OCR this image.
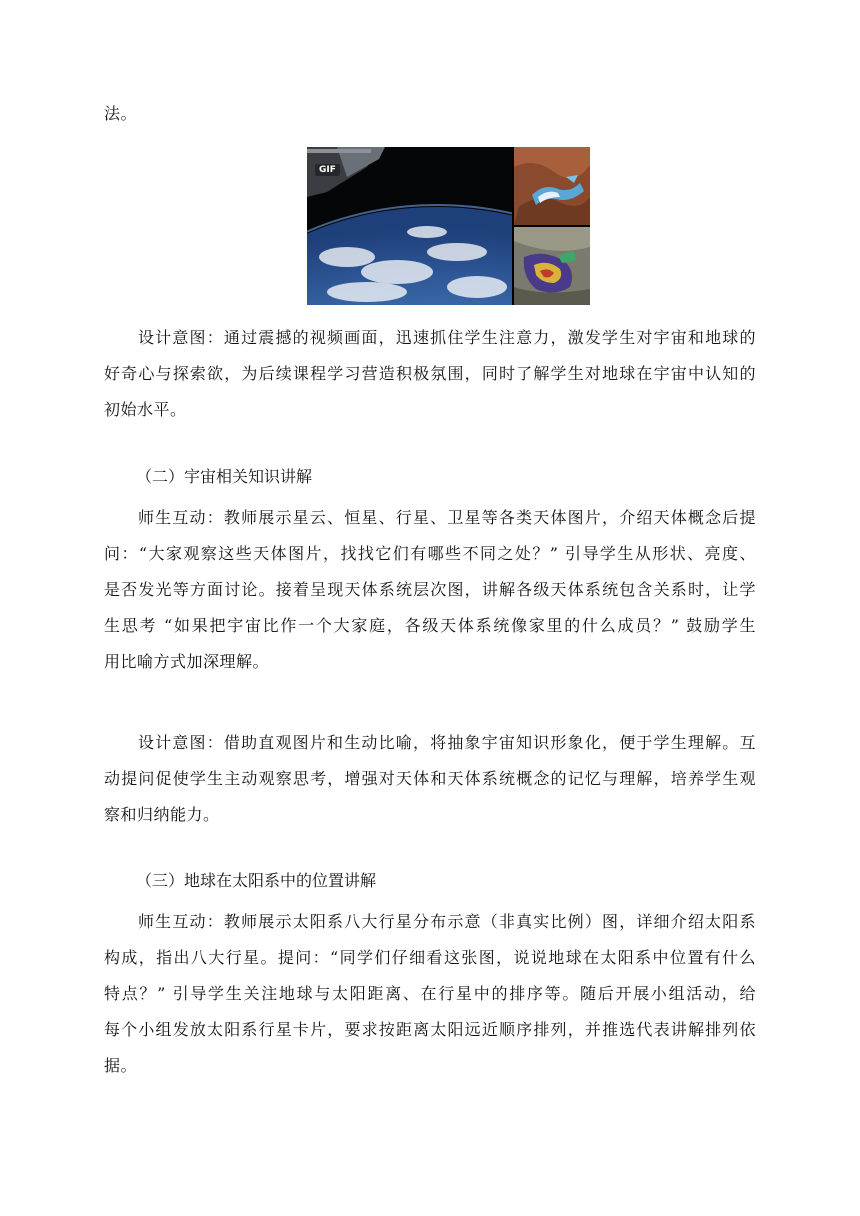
法。
GIF
设计意图：通过震撼的视频画面，迅速抓住学生注意力，激发学生对宇宙和地球的
好奇心与探索欲，为后续课程学习营造积极氛围，同时了解学生对地球在宇宙中认知的
初始水平。
（二）宇宙相关知识讲解
师生互动：教师展示星云、恒星、行星、卫星等各类天体图片，介绍天体概念后提
问：“大家观察这些天体图片，找找它们有哪些不同之处？” 引导学生从形状、亮度、
是否发光等方面讨论。接着呈现天体系统层次图，讲解各级天体系统包含关系时，让学
生思考 “如果把宇宙比作一个大家庭，各级天体系统像家里的什么成员？” 鼓励学生
用比喻方式加深理解。
设计意图：借助直观图片和生动比喻，将抽象宇宙知识形象化，便于学生理解。互
动提问促使学生主动观察思考，增强对天体和天体系统概念的记忆与理解，培养学生观
察和归纳能力。
（三）地球在太阳系中的位置讲解
师生互动：教师展示太阳系八大行星分布示意（非真实比例）图，详细介绍太阳系
构成，指出八大行星。提问：“同学们仔细看这张图，说说地球在太阳系中位置有什么
特点？” 引导学生关注地球与太阳距离、在行星中的排序等。随后开展小组活动，给
每个小组发放太阳系行星卡片，要求按距离太阳远近顺序排列，并推选代表讲解排列依
据。
